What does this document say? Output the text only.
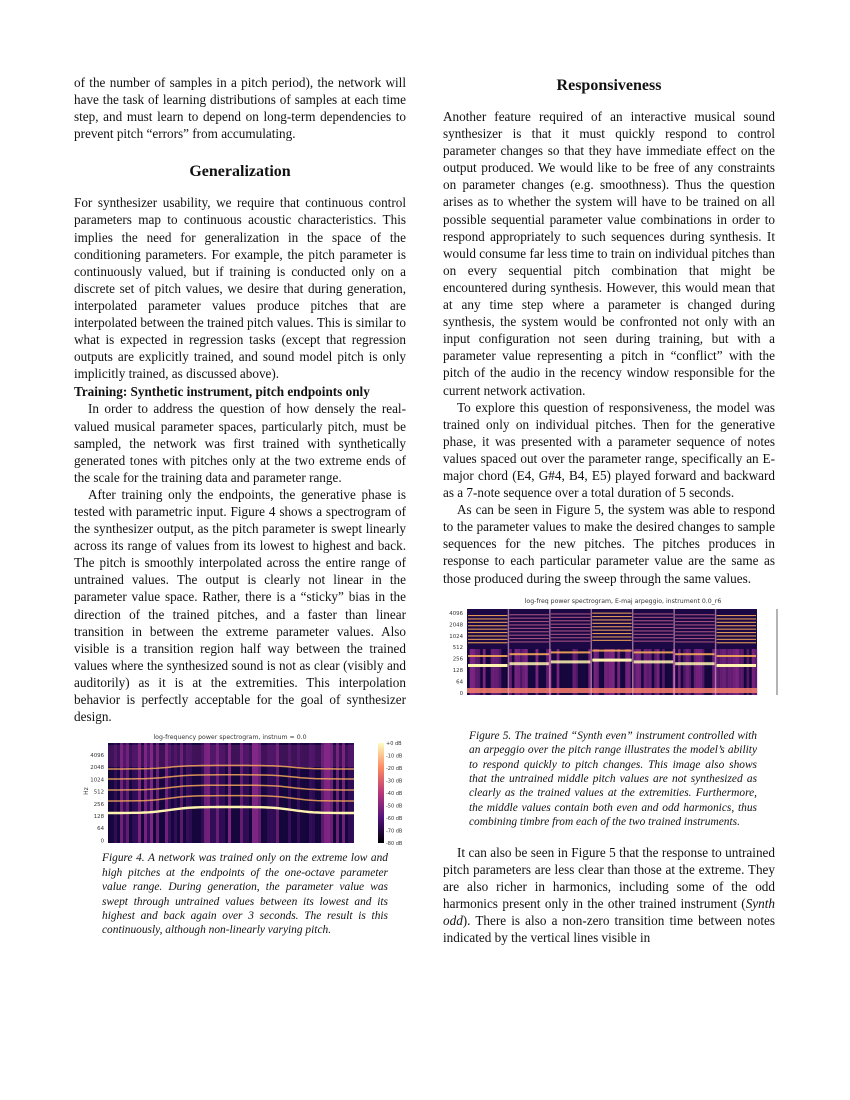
of the number of samples in a pitch period), the network will have the task of learning distributions of samples at each time step, and must learn to depend on long-term dependencies to prevent pitch “errors” from accumulating.

Generalization

For synthesizer usability, we require that continuous control parameters map to continuous acoustic characteristics. This implies the need for generalization in the space of the conditioning parameters. For example, the pitch parameter is continuously valued, but if training is conducted only on a discrete set of pitch values, we desire that during generation, interpolated parameter values produce pitches that are interpolated between the trained pitch values. This is similar to what is expected in regression tasks (except that regression outputs are explicitly trained, and sound model pitch is only implicitly trained, as discussed above).

Training: Synthetic instrument, pitch endpoints only

In order to address the question of how densely the real-valued musical parameter spaces, particularly pitch, must be sampled, the network was first trained with synthetically generated tones with pitches only at the two extreme ends of the scale for the training data and parameter range.

After training only the endpoints, the generative phase is tested with parametric input. Figure 4 shows a spectrogram of the synthesizer output, as the pitch parameter is swept linearly across its range of values from its lowest to highest and back. The pitch is smoothly interpolated across the entire range of untrained values. The output is clearly not linear in the parameter value space. Rather, there is a “sticky” bias in the direction of the trained pitches, and a faster than linear transition in between the extreme parameter values. Also visible is a transition region half way between the trained values where the synthesized sound is not as clear (visibly and auditorily) as it is at the extremities. This interpolation behavior is perfectly acceptable for the goal of synthesizer design.

log-frequency power spectrogram, instnum = 0.0
Hz
4096
2048
1024
512
256
128
64
0
+0 dB
-10 dB
-20 dB
-30 dB
-40 dB
-50 dB
-60 dB
-70 dB
-80 dB
Figure 4. A network was trained only on the extreme low and high pitches at the endpoints of the one-octave parameter value range. During generation, the parameter value was swept through untrained values between its lowest and its highest and back again over 3 seconds. The result is this continuously, although non-linearly varying pitch.
Responsiveness

Another feature required of an interactive musical sound synthesizer is that it must quickly respond to control parameter changes so that they have immediate effect on the output produced. We would like to be free of any constraints on parameter changes (e.g. smoothness). Thus the question arises as to whether the system will have to be trained on all possible sequential parameter value combinations in order to respond appropriately to such sequences during synthesis. It would consume far less time to train on individual pitches than on every sequential pitch combination that might be encountered during synthesis. However, this would mean that at any time step where a parameter is changed during synthesis, the system would be confronted not only with an input configuration not seen during training, but with a parameter value representing a pitch in “conflict” with the pitch of the audio in the recency window responsible for the current network activation.

To explore this question of responsiveness, the model was trained only on individual pitches. Then for the generative phase, it was presented with a parameter sequence of notes values spaced out over the parameter range, specifically an E-major chord (E4, G#4, B4, E5) played forward and backward as a 7-note sequence over a total duration of 5 seconds.

As can be seen in Figure 5, the system was able to respond to the parameter values to make the desired changes to sample sequences for the new pitches. The pitches produces in response to each particular parameter value are the same as those produced during the sweep through the same values.

log-freq power spectrogram, E-maj arpeggio, instrument 0.0_r6
4096
2048
1024
512
256
128
64
0
Figure 5. The trained “Synth even” instrument controlled with an arpeggio over the pitch range illustrates the model’s ability to respond quickly to pitch changes. This image also shows that the untrained middle pitch values are not synthesized as clearly as the trained values at the extremities. Furthermore, the middle values contain both even and odd harmonics, thus combining timbre from each of the two trained instruments.

It can also be seen in Figure 5 that the response to untrained pitch parameters are less clear than those at the extreme. They are also richer in harmonics, including some of the odd harmonics present only in the other trained instrument (Synth odd). There is also a non-zero transition time between notes indicated by the vertical lines visible in
